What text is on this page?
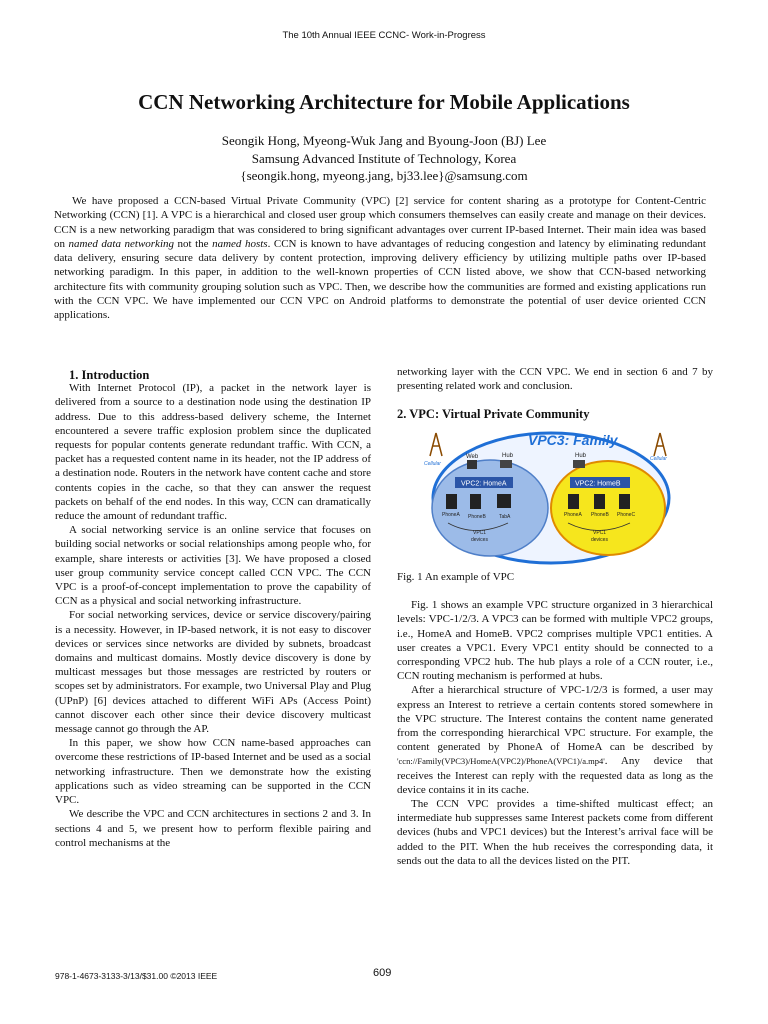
The 10th Annual IEEE CCNC- Work-in-Progress
CCN Networking Architecture for Mobile Applications
Seongik Hong, Myeong-Wuk Jang and Byoung-Joon (BJ) Lee
Samsung Advanced Institute of Technology, Korea
{seongik.hong, myeong.jang, bj33.lee}@samsung.com
We have proposed a CCN-based Virtual Private Community (VPC) [2] service for content sharing as a prototype for Content-Centric Networking (CCN) [1]. A VPC is a hierarchical and closed user group which consumers themselves can easily create and manage on their devices. CCN is a new networking paradigm that was considered to bring significant advantages over current IP-based Internet. Their main idea was based on named data networking not the named hosts. CCN is known to have advantages of reducing congestion and latency by eliminating redundant data delivery, ensuring secure data delivery by content protection, improving delivery efficiency by utilizing multiple paths over IP-based networking paradigm. In this paper, in addition to the well-known properties of CCN listed above, we show that CCN-based networking architecture fits with community grouping solution such as VPC. Then, we describe how the communities are formed and existing applications run with the CCN VPC. We have implemented our CCN VPC on Android platforms to demonstrate the potential of user device oriented CCN applications.
1. Introduction

With Internet Protocol (IP), a packet in the network layer is delivered from a source to a destination node using the destination IP address. Due to this address-based delivery scheme, the Internet encountered a severe traffic explosion problem since the duplicated requests for popular contents generate redundant traffic. With CCN, a packet has a requested content name in its header, not the IP address of a destination node. Routers in the network have content cache and store contents copies in the cache, so that they can answer the request packets on behalf of the end nodes. In this way, CCN can dramatically reduce the amount of redundant traffic.

A social networking service is an online service that focuses on building social networks or social relationships among people who, for example, share interests or activities [3]. We have proposed a closed user group community service concept called CCN VPC. The CCN VPC is a proof-of-concept implementation to prove the capability of CCN as a physical and social networking infrastructure.

For social networking services, device or service discovery/pairing is a necessity. However, in IP-based network, it is not easy to discover devices or services since networks are divided by subnets, broadcast domains and multicast domains. Mostly device discovery is done by multicast messages but those messages are restricted by routers or scopes set by administrators. For example, two Universal Play and Plug (UPnP) [6] devices attached to different WiFi APs (Access Point) cannot discover each other since their device discovery multicast message cannot go through the AP.

In this paper, we show how CCN name-based approaches can overcome these restrictions of IP-based Internet and be used as a social networking infrastructure. Then we demonstrate how the existing applications such as video streaming can be supported in the CCN VPC.

We describe the VPC and CCN architectures in sections 2 and 3. In sections 4 and 5, we present how to perform flexible pairing and control mechanisms at the

networking layer with the CCN VPC. We end in section 6 and 7 by presenting related work and conclusion.

2. VPC: Virtual Private Community
VPC3: Family
VPC2: HomeA	VPC2: HomeB
Web	Hub	Hub
Cellular
Cellular
PhoneA PhoneB	TabA
VPC1
devices
PhoneA PhoneB PhoneC
VPC1
devices

Fig. 1 An example of VPC

Fig. 1 shows an example VPC structure organized in 3 hierarchical levels: VPC-1/2/3. A VPC3 can be formed with multiple VPC2 groups, i.e., HomeA and HomeB. VPC2 comprises multiple VPC1 entities. A user creates a VPC1. Every VPC1 entity should be connected to a corresponding VPC2 hub. The hub plays a role of a CCN router, i.e., CCN routing mechanism is performed at hubs.

After a hierarchical structure of VPC-1/2/3 is formed, a user may express an Interest to retrieve a certain contents stored somewhere in the VPC structure. The Interest contains the content name generated from the corresponding hierarchical VPC structure. For example, the content generated by PhoneA of HomeA can be described by 'ccn://Family(VPC3)/HomeA(VPC2)/PhoneA(VPC1)/a.mp4'. Any device that receives the Interest can reply with the requested data as long as the device contains it in its cache.

The CCN VPC provides a time-shifted multicast effect; an intermediate hub suppresses same Interest packets come from different devices (hubs and VPC1 devices) but the Interest’s arrival face will be added to the PIT. When the hub receives the corresponding data, it sends out the data to all the devices listed on the PIT.

978-1-4673-3133-3/13/$31.00 ©2013 IEEE	609
